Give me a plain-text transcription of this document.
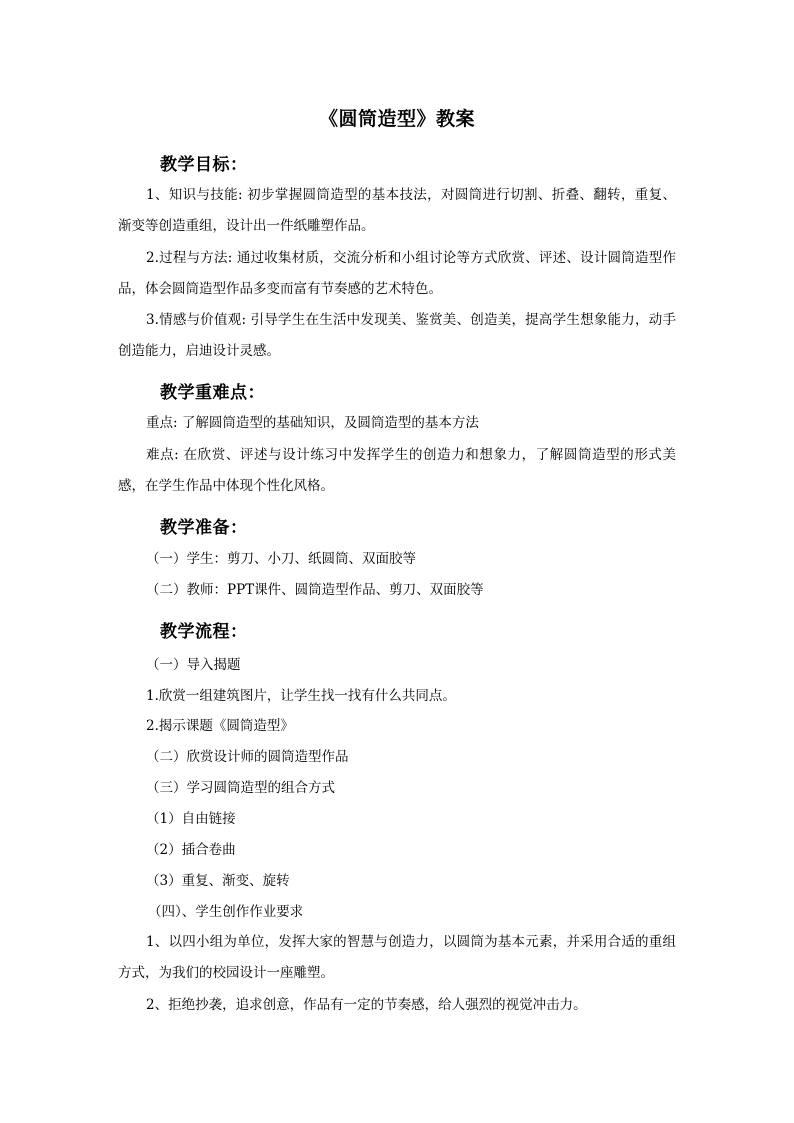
《圆筒造型》教案
教学目标：
1、知识与技能: 初步掌握圆筒造型的基本技法，对圆筒进行切割、折叠、翻转，重复、渐变等创造重组，设计出一件纸雕塑作品。
2.过程与方法: 通过收集材质，交流分析和小组讨论等方式欣赏、评述、设计圆筒造型作品，体会圆筒造型作品多变而富有节奏感的艺术特色。
3.情感与价值观: 引导学生在生活中发现美、鉴赏美、创造美，提高学生想象能力，动手创造能力，启迪设计灵感。
教学重难点：
重点: 了解圆筒造型的基础知识，及圆筒造型的基本方法
难点: 在欣赏、评述与设计练习中发挥学生的创造力和想象力，了解圆筒造型的形式美感，在学生作品中体现个性化风格。
教学准备：
（一）学生：剪刀、小刀、纸圆筒、双面胶等
（二）教师：PPT课件、圆筒造型作品、剪刀、双面胶等
教学流程：
（一）导入揭题
1.欣赏一组建筑图片，让学生找一找有什么共同点。
2.揭示课题《圆筒造型》
（二）欣赏设计师的圆筒造型作品
（三）学习圆筒造型的组合方式
（1）自由链接
（2）插合卷曲
（3）重复、渐变、旋转
（四）、学生创作作业要求
1、以四小组为单位，发挥大家的智慧与创造力，以圆筒为基本元素，并采用合适的重组方式，为我们的校园设计一座雕塑。
2、拒绝抄袭，追求创意，作品有一定的节奏感，给人强烈的视觉冲击力。
